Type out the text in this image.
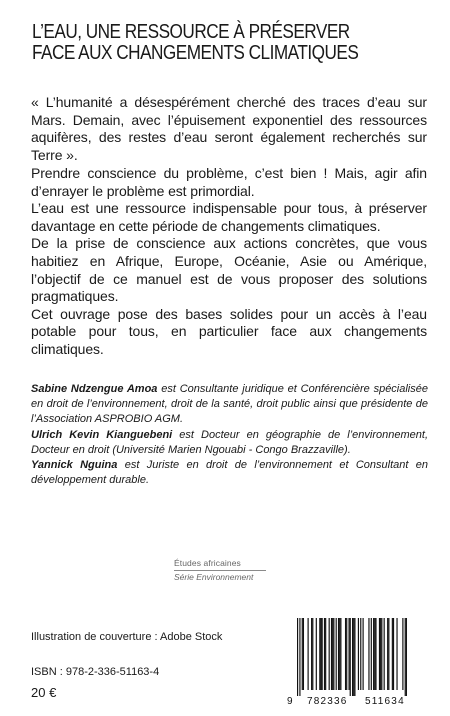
L’EAU, UNE RESSOURCE À PRÉSERVER
FACE AUX CHANGEMENTS CLIMATIQUES

« L’humanité a désespérément cherché des traces d’eau sur Mars. Demain, avec l’épuisement exponentiel des ressources aquifères, des restes d’eau seront également recherchés sur Terre ».

Prendre conscience du problème, c’est bien ! Mais, agir afin d’enrayer le problème est primordial.

L’eau est une ressource indispensable pour tous, à préserver davantage en cette période de changements climatiques.

De la prise de conscience aux actions concrètes, que vous habitiez en Afrique, Europe, Océanie, Asie ou Amérique, l’objectif de ce manuel est de vous proposer des solutions pragmatiques.

Cet ouvrage pose des bases solides pour un accès à l’eau potable pour tous, en particulier face aux changements climatiques.

Sabine Ndzengue Amoa est Consultante juridique et Conférencière spécialisée en droit de l’environnement, droit de la santé, droit public ainsi que présidente de l’Association ASPROBIO AGM.

Ulrich Kevin Kianguebeni est Docteur en géographie de l’environnement, Docteur en droit (Université Marien Ngouabi - Congo Brazzaville).

Yannick Nguina est Juriste en droit de l’environnement et Consultant en développement durable.

Études africaines
Série Environnement
Illustration de couverture : Adobe Stock
ISBN : 978-2-336-51163-4
20 €
9 782336 511634
